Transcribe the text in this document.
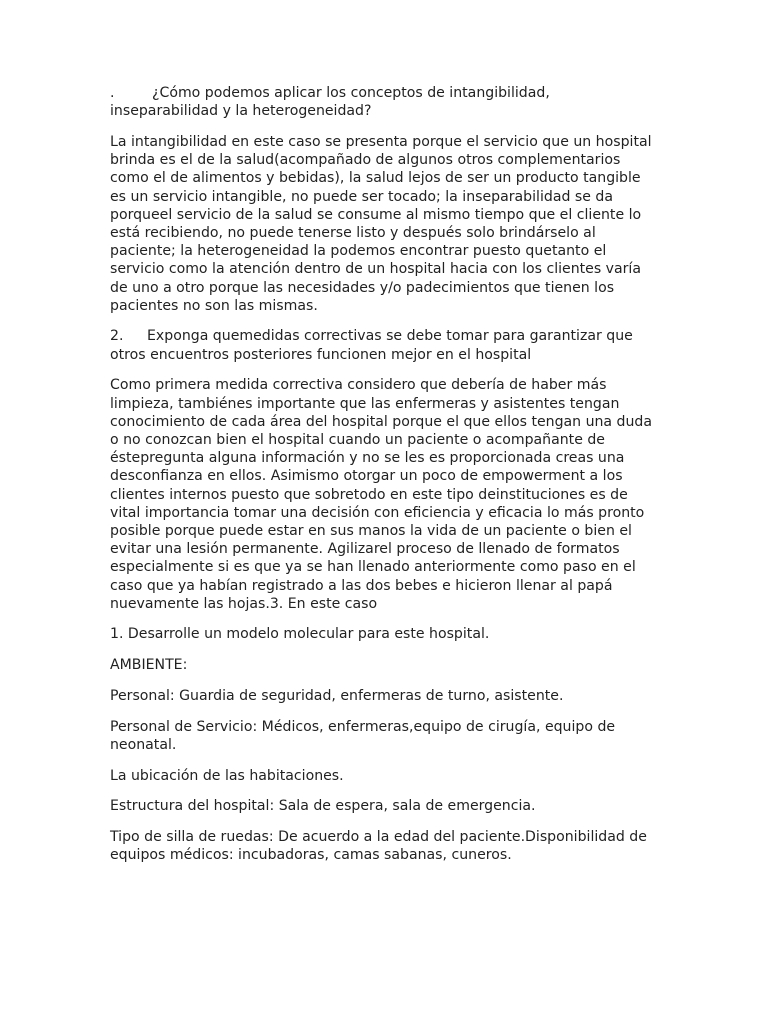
.	¿Cómo podemos aplicar los conceptos de intangibilidad, inseparabilidad y la heterogeneidad?

La intangibilidad en este caso se presenta porque el servicio que un hospital brinda es el de la salud(acompañado de algunos otros complementarios como el de alimentos y bebidas), la salud lejos de ser un producto tangible es un servicio intangible, no puede ser tocado; la inseparabilidad se da porqueel servicio de la salud se consume al mismo tiempo que el cliente lo está recibiendo, no puede tenerse listo y después solo brindárselo al paciente; la heterogeneidad la podemos encontrar puesto quetanto el servicio como la atención dentro de un hospital hacia con los clientes varía de uno a otro porque las necesidades y/o padecimientos que tienen los pacientes no son las mismas.

2. Exponga quemedidas correctivas se debe tomar para garantizar que otros encuentros posteriores funcionen mejor en el hospital

Como primera medida correctiva considero que debería de haber más limpieza, tambiénes importante que las enfermeras y asistentes tengan conocimiento de cada área del hospital porque el que ellos tengan una duda o no conozcan bien el hospital cuando un paciente o acompañante de éstepregunta alguna información y no se les es proporcionada creas una desconfianza en ellos. Asimismo otorgar un poco de empowerment a los clientes internos puesto que sobretodo en este tipo deinstituciones es de vital importancia tomar una decisión con eficiencia y eficacia lo más pronto posible porque puede estar en sus manos la vida de un paciente o bien el evitar una lesión permanente. Agilizarel proceso de llenado de formatos especialmente si es que ya se han llenado anteriormente como paso en el caso que ya habían registrado a las dos bebes e hicieron llenar al papá nuevamente las hojas.3. En este caso

1. Desarrolle un modelo molecular para este hospital.

AMBIENTE:

Personal: Guardia de seguridad, enfermeras de turno, asistente.

Personal de Servicio: Médicos, enfermeras,equipo de cirugía, equipo de neonatal.

La ubicación de las habitaciones.

Estructura del hospital: Sala de espera, sala de emergencia.

Tipo de silla de ruedas: De acuerdo a la edad del paciente.Disponibilidad de equipos médicos: incubadoras, camas sabanas, cuneros.
